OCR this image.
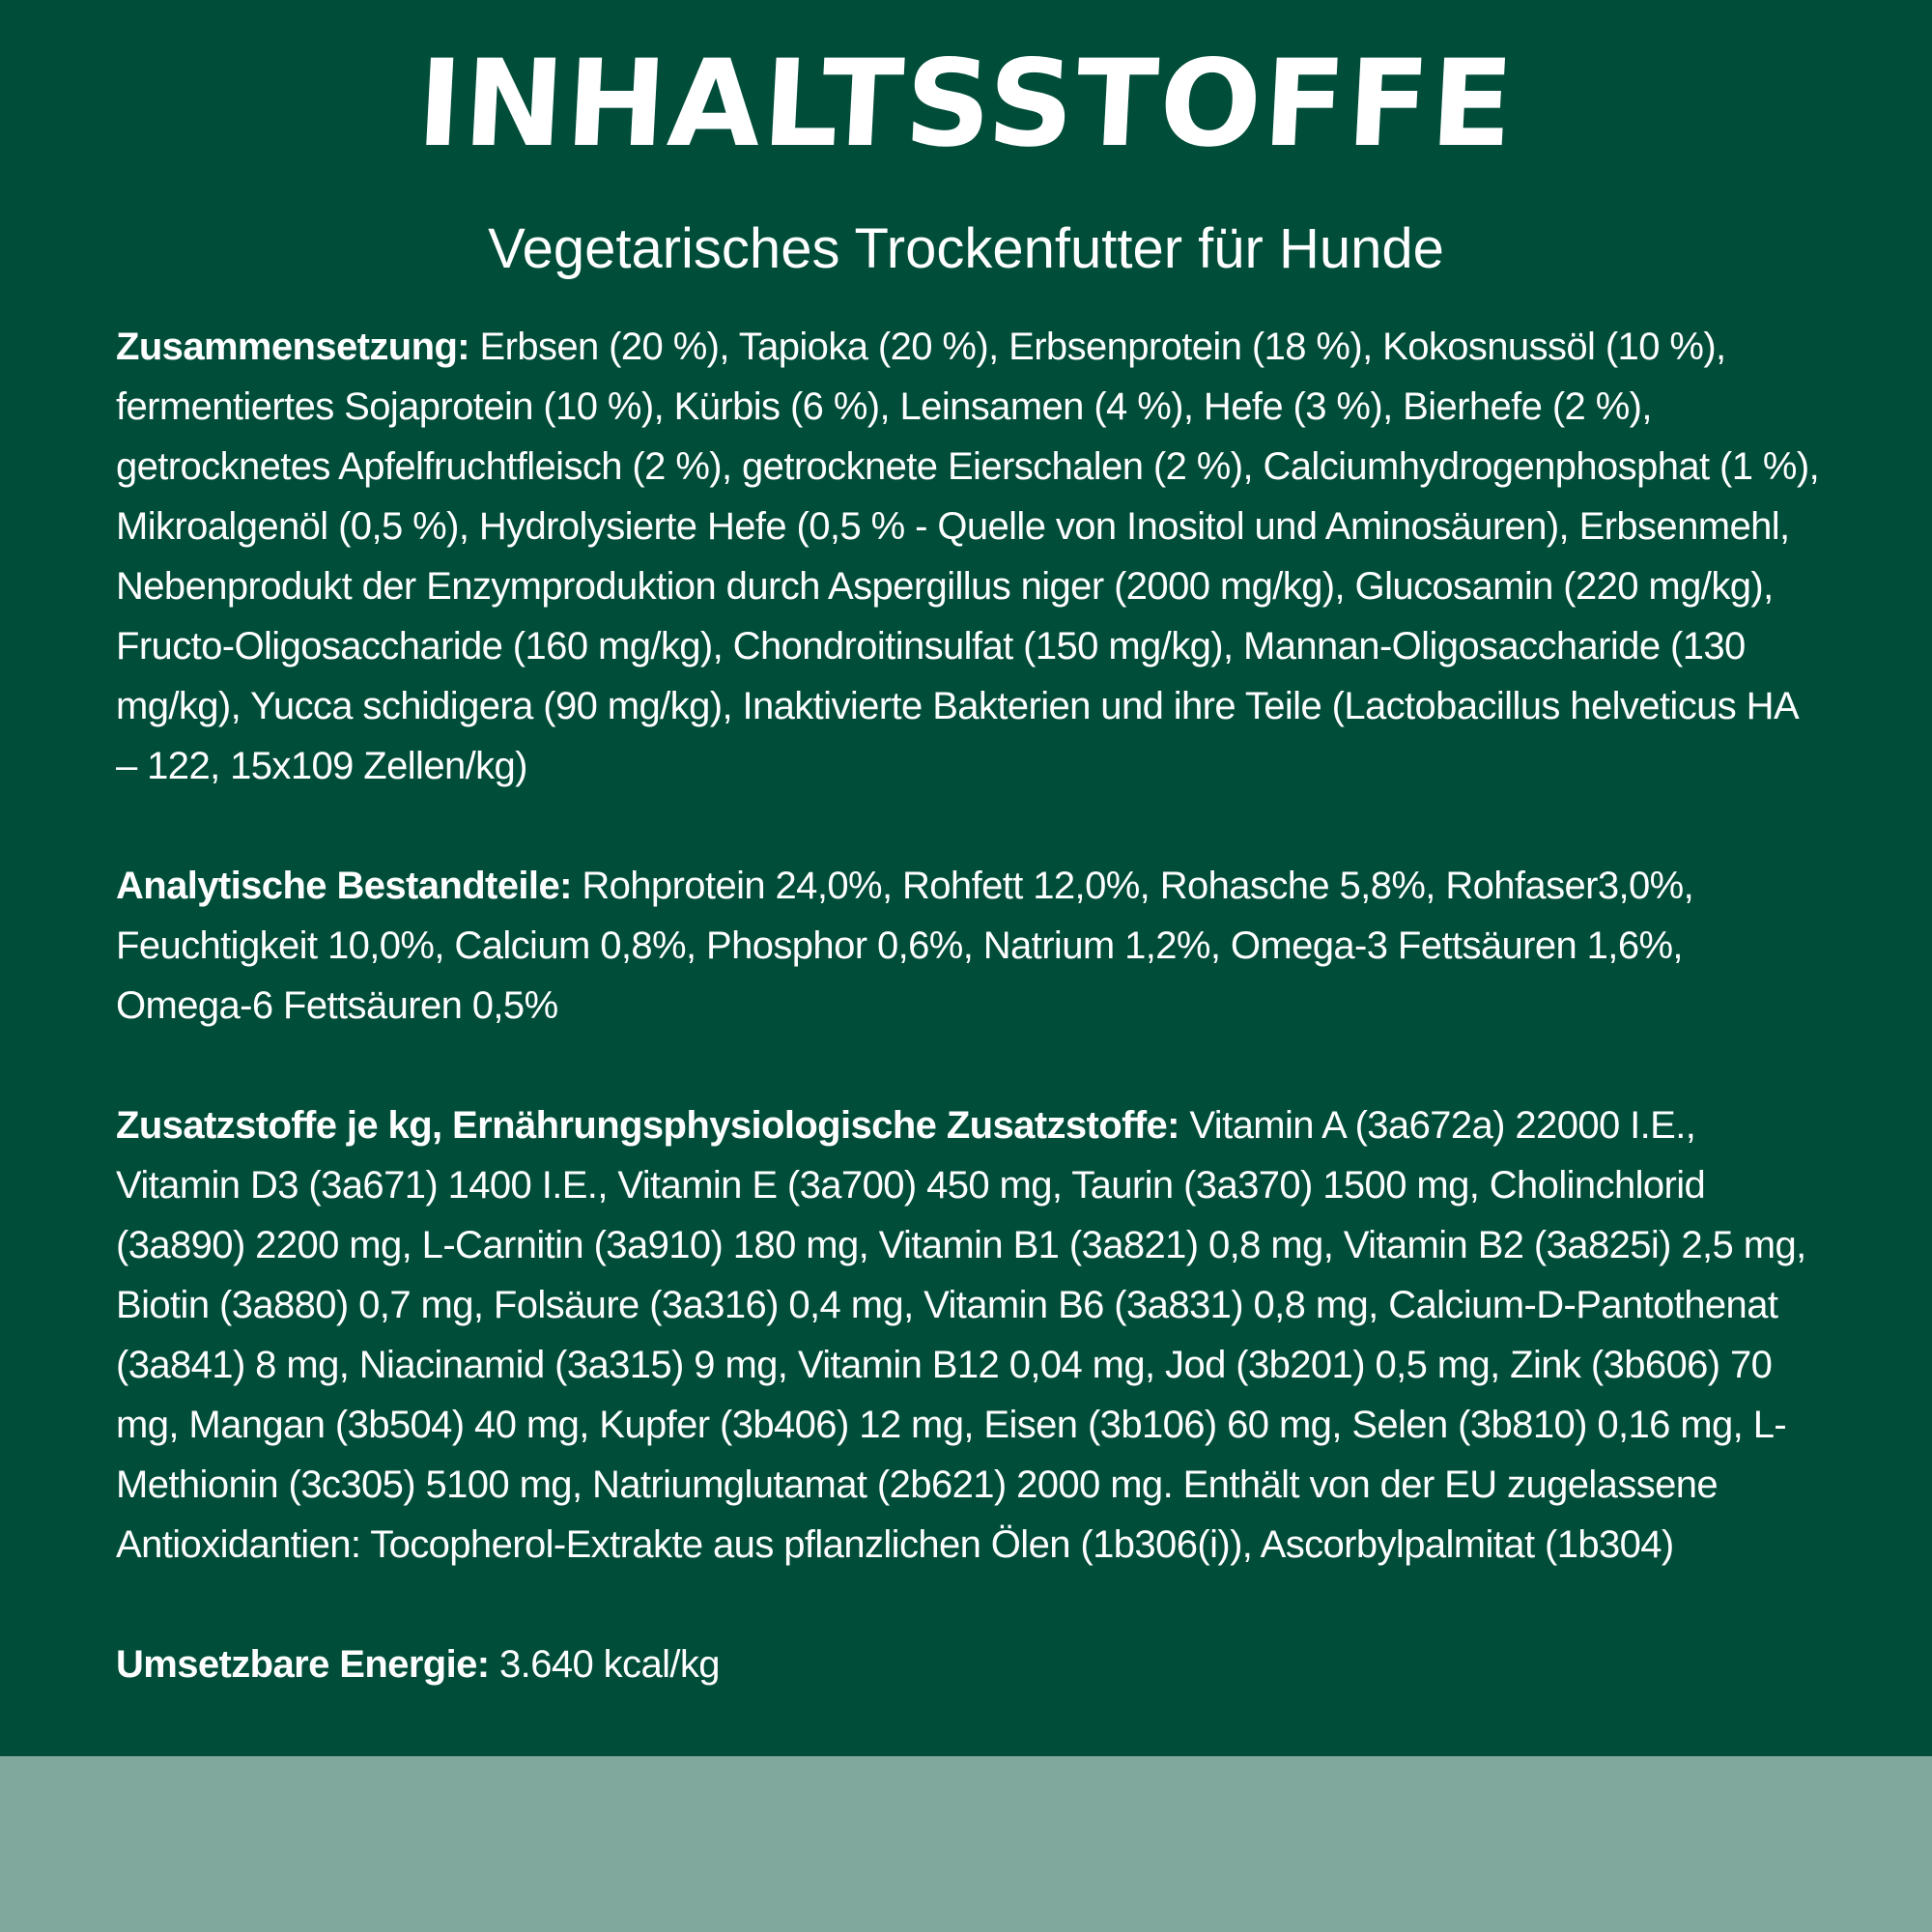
INHALTSSTOFFE
Vegetarisches Trockenfutter für Hunde

Zusammensetzung: Erbsen (20 %), Tapioka (20 %), Erbsenprotein (18 %), Kokosnussöl (10 %), fermentiertes Sojaprotein (10 %), Kürbis (6 %), Leinsamen (4 %), Hefe (3 %), Bierhefe (2 %), getrocknetes Apfelfruchtfleisch (2 %), getrocknete Eierschalen (2 %), Calciumhydrogenphosphat (1 %), Mikroalgenöl (0,5 %), Hydrolysierte Hefe (0,5 % - Quelle von Inositol und Aminosäuren), Erbsenmehl, Nebenprodukt der Enzymproduktion durch Aspergillus niger (2000 mg/kg), Glucosamin (220 mg/kg), Fructo-Oligosaccharide (160 mg/kg), Chondroitinsulfat (150 mg/kg), Mannan-Oligosaccharide (130 mg/kg), Yucca schidigera (90 mg/kg), Inaktivierte Bakterien und ihre Teile (Lactobacillus helveticus HA – 122, 15x109 Zellen/kg)

Analytische Bestandteile: Rohprotein 24,0%, Rohfett 12,0%, Rohasche 5,8%, Rohfaser3,0%, Feuchtigkeit 10,0%, Calcium 0,8%, Phosphor 0,6%, Natrium 1,2%, Omega-3 Fettsäuren 1,6%, Omega-6 Fettsäuren 0,5%

Zusatzstoffe je kg, Ernährungsphysiologische Zusatzstoffe: Vitamin A (3a672a) 22000 I.E., Vitamin D3 (3a671) 1400 I.E., Vitamin E (3a700) 450 mg, Taurin (3a370) 1500 mg, Cholinchlorid (3a890) 2200 mg, L-Carnitin (3a910) 180 mg, Vitamin B1 (3a821) 0,8 mg, Vitamin B2 (3a825i) 2,5 mg, Biotin (3a880) 0,7 mg, Folsäure (3a316) 0,4 mg, Vitamin B6 (3a831) 0,8 mg, Calcium-D-Pantothenat (3a841) 8 mg, Niacinamid (3a315) 9 mg, Vitamin B12 0,04 mg, Jod (3b201) 0,5 mg, Zink (3b606) 70 mg, Mangan (3b504) 40 mg, Kupfer (3b406) 12 mg, Eisen (3b106) 60 mg, Selen (3b810) 0,16 mg, L-Methionin (3c305) 5100 mg, Natriumglutamat (2b621) 2000 mg. Enthält von der EU zugelassene Antioxidantien: Tocopherol-Extrakte aus pflanzlichen Ölen (1b306(i)), Ascorbylpalmitat (1b304)

Umsetzbare Energie: 3.640 kcal/kg
